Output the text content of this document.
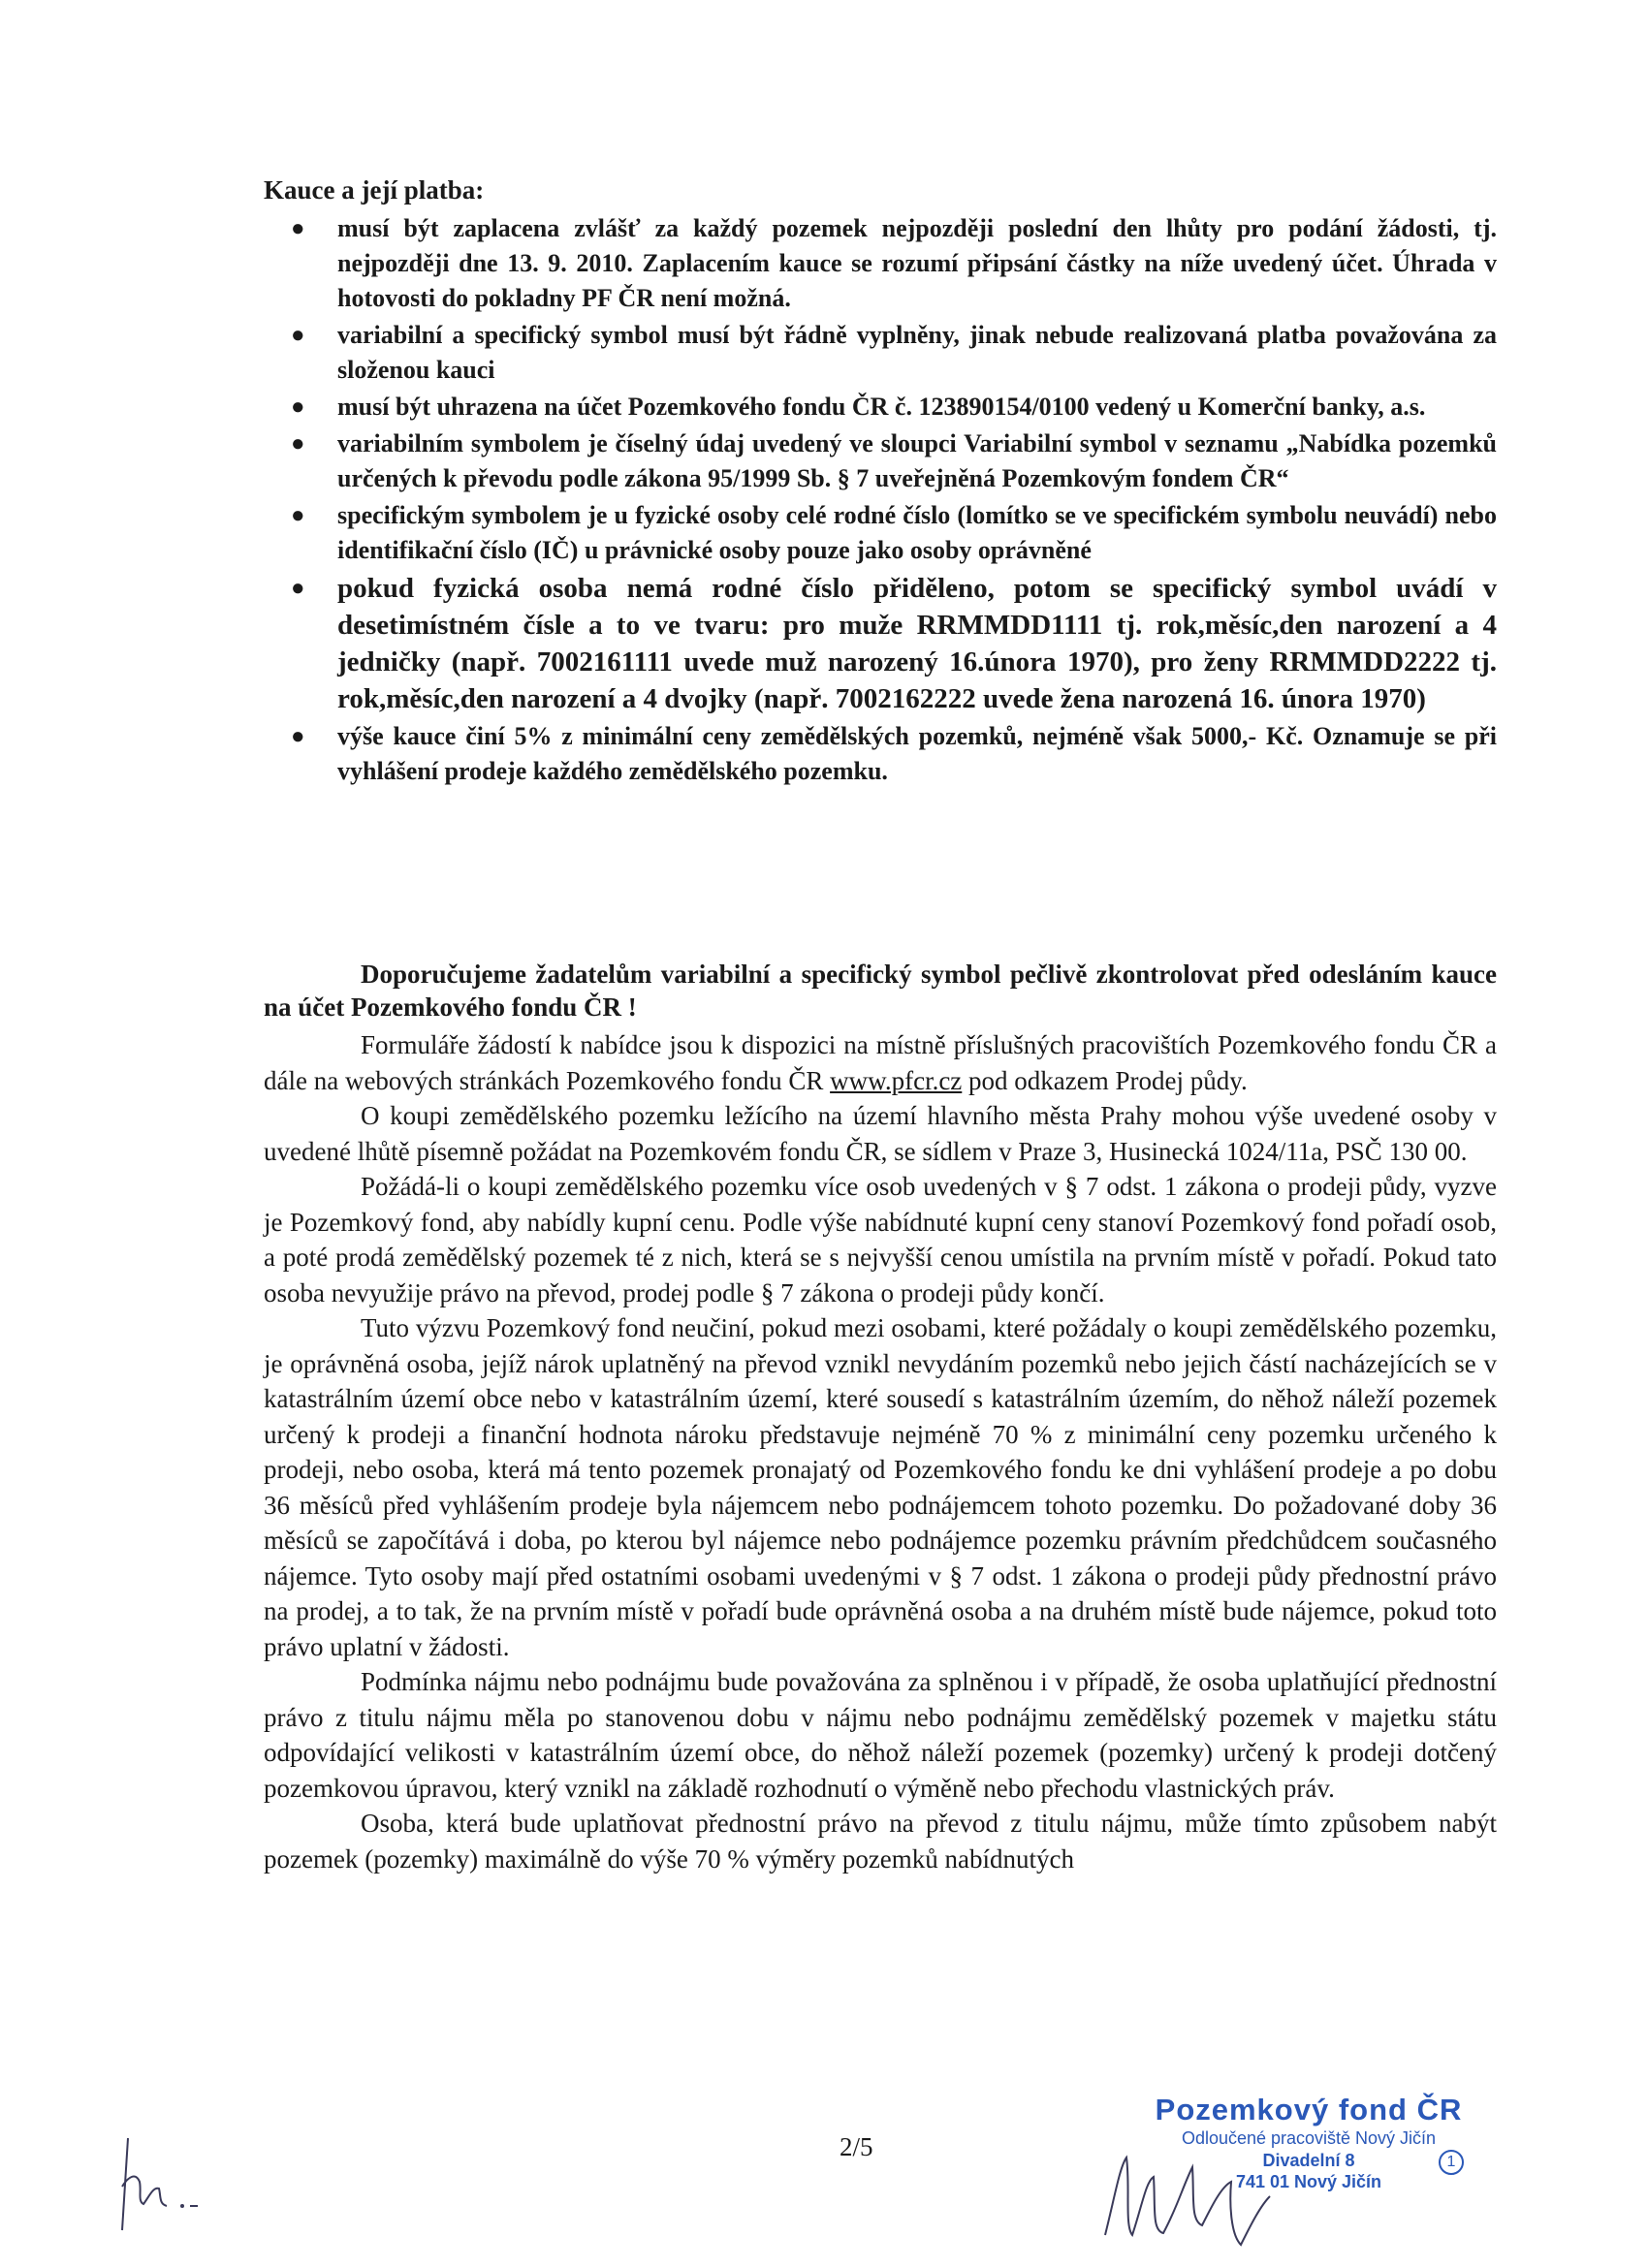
Kauce a její platba:
● musí být zaplacena zvlášť za každý pozemek nejpozději poslední den lhůty pro podání žádosti, tj. nejpozději dne 13. 9. 2010. Zaplacením kauce se rozumí připsání částky na níže uvedený účet. Úhrada v hotovosti do pokladny PF ČR není možná.
● variabilní a specifický symbol musí být řádně vyplněny, jinak nebude realizovaná platba považována za složenou kauci
● musí být uhrazena na účet Pozemkového fondu ČR č. 123890154/0100 vedený u Komerční banky, a.s.
● variabilním symbolem je číselný údaj uvedený ve sloupci Variabilní symbol v seznamu „Nabídka pozemků určených k převodu podle zákona 95/1999 Sb. § 7 uveřejněná Pozemkovým fondem ČR“
● specifickým symbolem je u fyzické osoby celé rodné číslo (lomítko se ve specifickém symbolu neuvádí) nebo identifikační číslo (IČ) u právnické osoby pouze jako osoby oprávněné
● pokud fyzická osoba nemá rodné číslo přiděleno, potom se specifický symbol uvádí v desetimístném čísle a to ve tvaru: pro muže RRMMDD1111 tj. rok,měsíc,den narození a 4 jedničky (např. 7002161111 uvede muž narozený 16.února 1970), pro ženy RRMMDD2222 tj. rok,měsíc,den narození a 4 dvojky (např. 7002162222 uvede žena narozená 16. února 1970)
● výše kauce činí 5% z minimální ceny zemědělských pozemků, nejméně však 5000,- Kč. Oznamuje se při vyhlášení prodeje každého zemědělského pozemku.
Doporučujeme žadatelům variabilní a specifický symbol pečlivě zkontrolovat před odesláním kauce na účet Pozemkového fondu ČR !

Formuláře žádostí k nabídce jsou k dispozici na místně příslušných pracovištích Pozemkového fondu ČR a dále na webových stránkách Pozemkového fondu ČR www.pfcr.cz pod odkazem Prodej půdy.

O koupi zemědělského pozemku ležícího na území hlavního města Prahy mohou výše uvedené osoby v uvedené lhůtě písemně požádat na Pozemkovém fondu ČR, se sídlem v Praze 3, Husinecká 1024/11a, PSČ 130 00.

Požádá-li o koupi zemědělského pozemku více osob uvedených v § 7 odst. 1 zákona o prodeji půdy, vyzve je Pozemkový fond, aby nabídly kupní cenu. Podle výše nabídnuté kupní ceny stanoví Pozemkový fond pořadí osob, a poté prodá zemědělský pozemek té z nich, která se s nejvyšší cenou umístila na prvním místě v pořadí. Pokud tato osoba nevyužije právo na převod, prodej podle § 7 zákona o prodeji půdy končí.

Tuto výzvu Pozemkový fond neučiní, pokud mezi osobami, které požádaly o koupi zemědělského pozemku, je oprávněná osoba, jejíž nárok uplatněný na převod vznikl nevydáním pozemků nebo jejich částí nacházejících se v katastrálním území obce nebo v katastrálním území, které sousedí s katastrálním územím, do něhož náleží pozemek určený k prodeji a finanční hodnota nároku představuje nejméně 70 % z minimální ceny pozemku určeného k prodeji, nebo osoba, která má tento pozemek pronajatý od Pozemkového fondu ke dni vyhlášení prodeje a po dobu 36 měsíců před vyhlášením prodeje byla nájemcem nebo podnájemcem tohoto pozemku. Do požadované doby 36 měsíců se započítává i doba, po kterou byl nájemce nebo podnájemce pozemku právním předchůdcem současného nájemce. Tyto osoby mají před ostatními osobami uvedenými v § 7 odst. 1 zákona o prodeji půdy přednostní právo na prodej, a to tak, že na prvním místě v pořadí bude oprávněná osoba a na druhém místě bude nájemce, pokud toto právo uplatní v žádosti.

Podmínka nájmu nebo podnájmu bude považována za splněnou i v případě, že osoba uplatňující přednostní právo z titulu nájmu měla po stanovenou dobu v nájmu nebo podnájmu zemědělský pozemek v majetku státu odpovídající velikosti v katastrálním území obce, do něhož náleží pozemek (pozemky) určený k prodeji dotčený pozemkovou úpravou, který vznikl na základě rozhodnutí o výměně nebo přechodu vlastnických práv.

Osoba, která bude uplatňovat přednostní právo na převod z titulu nájmu, může tímto způsobem nabýt pozemek (pozemky) maximálně do výše 70 % výměry pozemků nabídnutých

2/5
Pozemkový fond ČR
Odloučené pracoviště Nový Jičín
Divadelní 8
741 01 Nový Jičín
1
